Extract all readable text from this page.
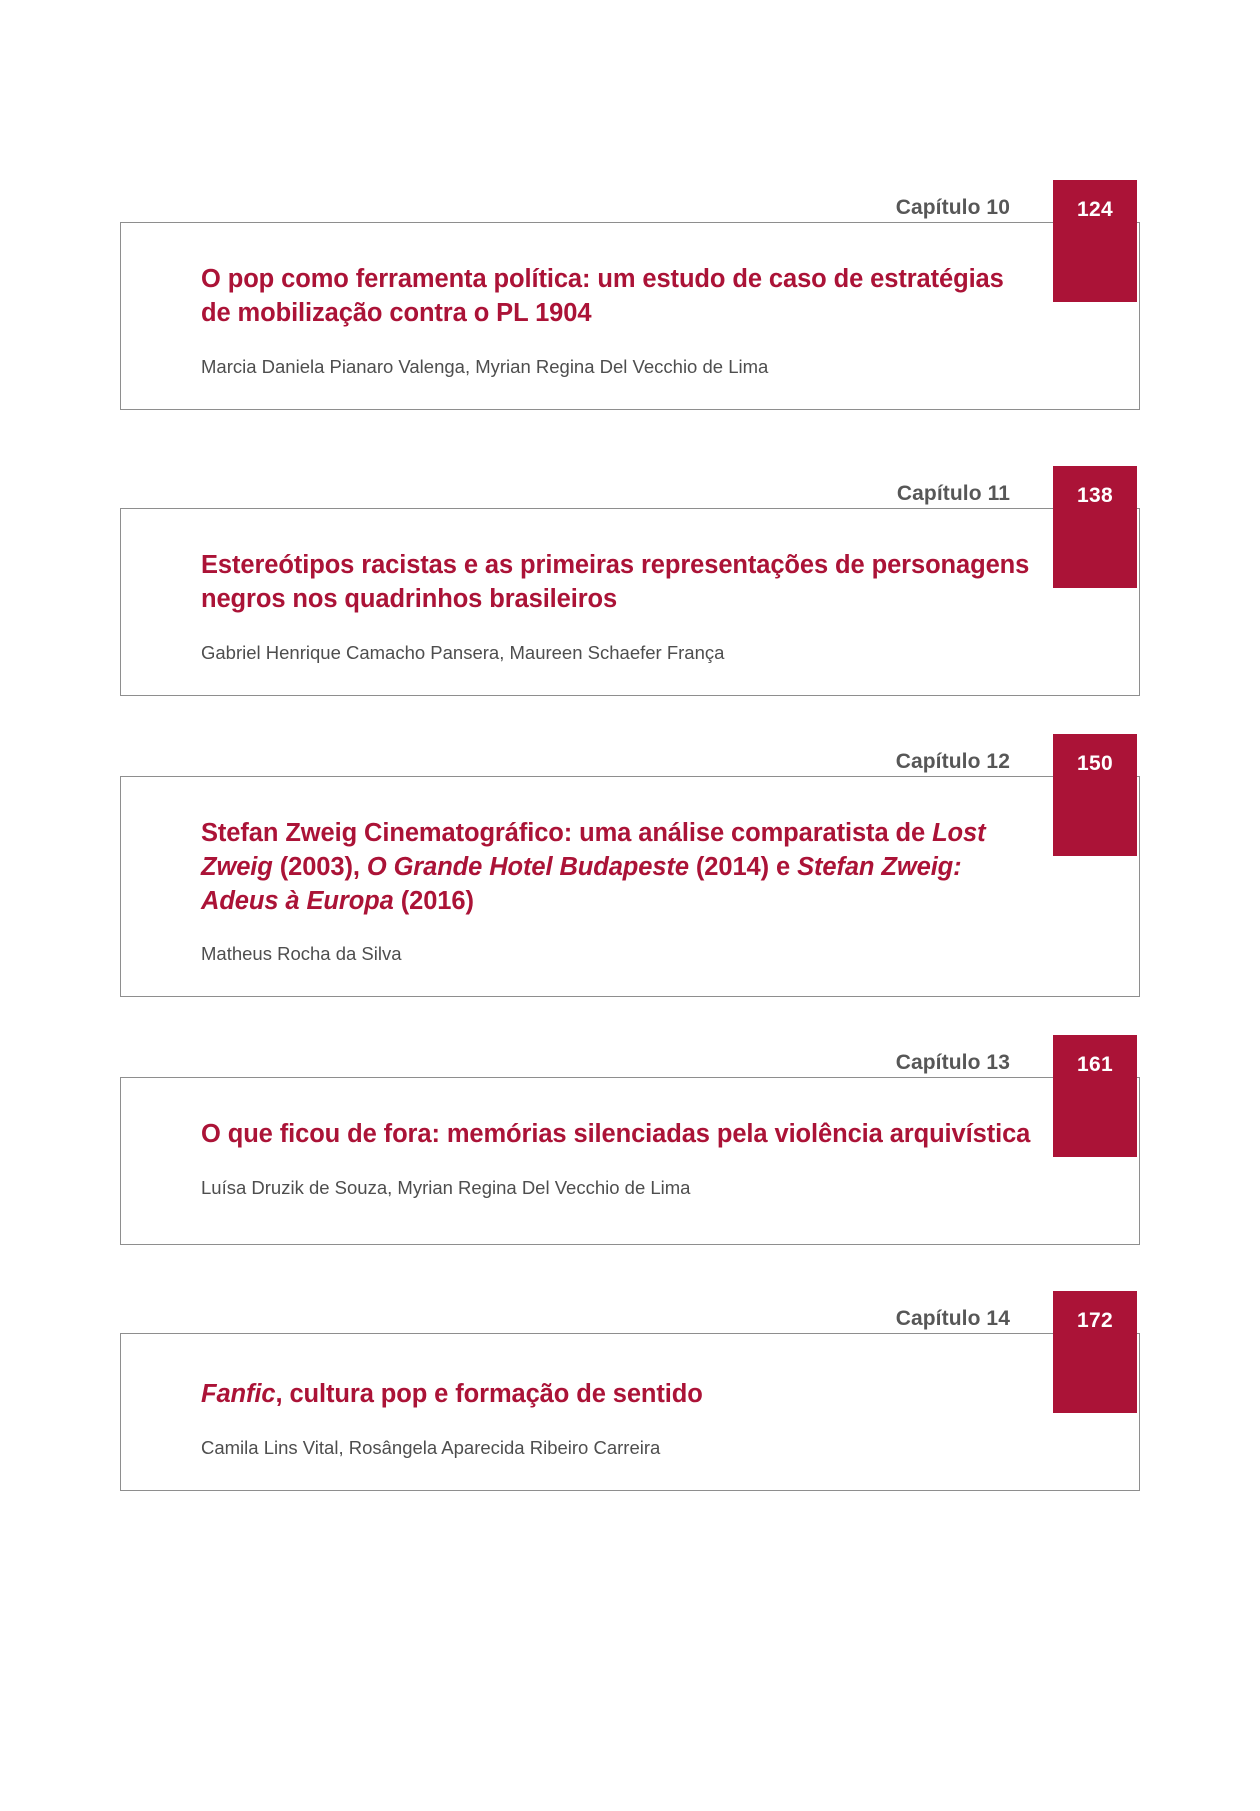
Capítulo 10	124

O pop como ferramenta política: um estudo de caso de estratégias de mobilização contra o PL 1904

Marcia Daniela Pianaro Valenga, Myrian Regina Del Vecchio de Lima

Capítulo 11	138

Estereótipos racistas e as primeiras representações de personagens negros nos quadrinhos brasileiros

Gabriel Henrique Camacho Pansera, Maureen Schaefer França

Capítulo 12	150

Stefan Zweig Cinematográfico: uma análise comparatista de Lost Zweig (2003), O Grande Hotel Budapeste (2014) e Stefan Zweig: Adeus à Europa (2016)

Matheus Rocha da Silva

Capítulo 13	161

O que ficou de fora: memórias silenciadas pela violência arquivística

Luísa Druzik de Souza, Myrian Regina Del Vecchio de Lima

Capítulo 14	172

Fanfic, cultura pop e formação de sentido

Camila Lins Vital, Rosângela Aparecida Ribeiro Carreira
